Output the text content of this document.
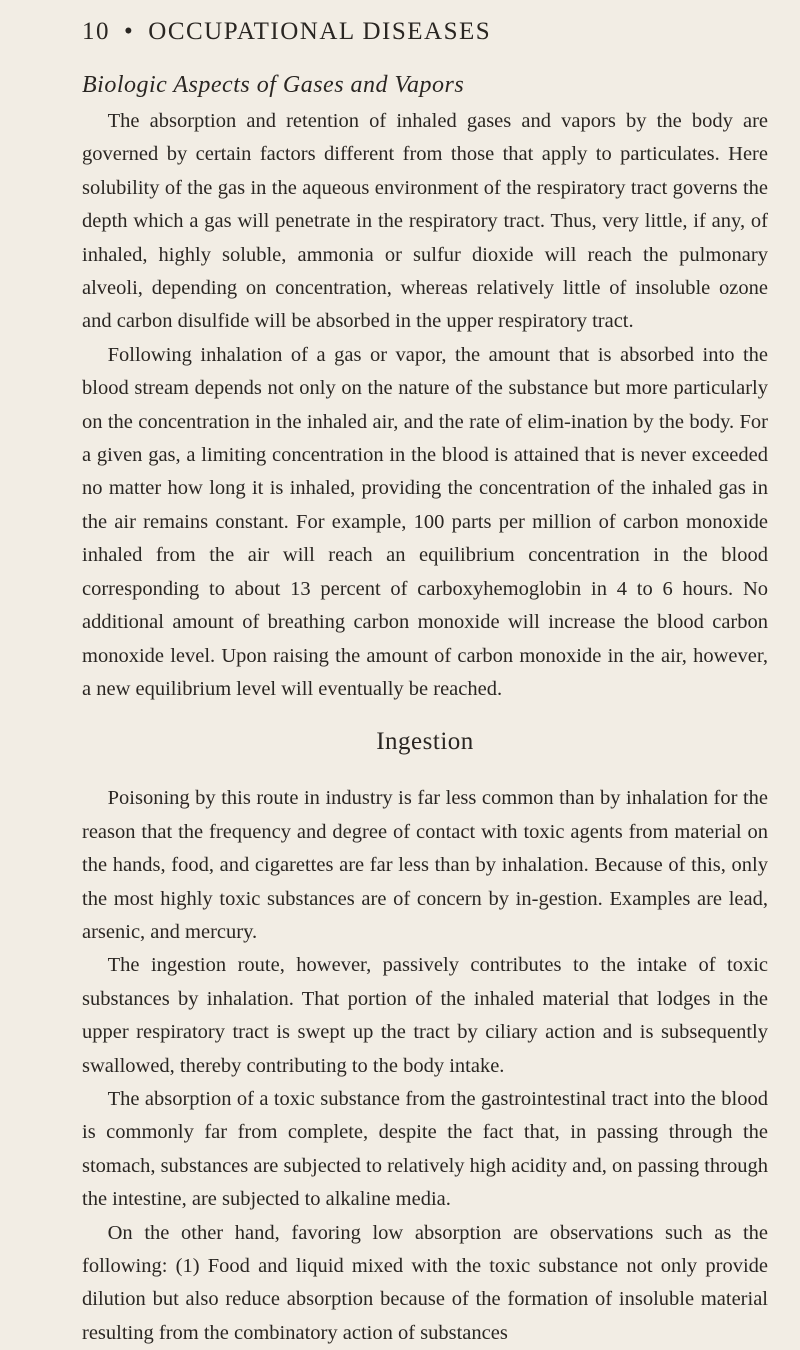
10 • OCCUPATIONAL DISEASES
Biologic Aspects of Gases and Vapors

The absorption and retention of inhaled gases and vapors by the body are governed by certain factors different from those that apply to particulates. Here solubility of the gas in the aqueous environment of the respiratory tract governs the depth which a gas will penetrate in the respiratory tract. Thus, very little, if any, of inhaled, highly soluble, ammonia or sulfur dioxide will reach the pulmonary alveoli, depending on concentration, whereas relatively little of insoluble ozone and carbon disulfide will be absorbed in the upper respiratory tract.

Following inhalation of a gas or vapor, the amount that is absorbed into the blood stream depends not only on the nature of the substance but more particularly on the concentration in the inhaled air, and the rate of elim-ination by the body. For a given gas, a limiting concentration in the blood is attained that is never exceeded no matter how long it is inhaled, providing the concentration of the inhaled gas in the air remains constant. For example, 100 parts per million of carbon monoxide inhaled from the air will reach an equilibrium concentration in the blood corresponding to about 13 percent of carboxyhemoglobin in 4 to 6 hours. No additional amount of breathing carbon monoxide will increase the blood carbon monoxide level. Upon raising the amount of carbon monoxide in the air, however, a new equilibrium level will eventually be reached.

Ingestion

Poisoning by this route in industry is far less common than by inhalation for the reason that the frequency and degree of contact with toxic agents from material on the hands, food, and cigarettes are far less than by inhalation. Because of this, only the most highly toxic substances are of concern by in-gestion. Examples are lead, arsenic, and mercury.

The ingestion route, however, passively contributes to the intake of toxic substances by inhalation. That portion of the inhaled material that lodges in the upper respiratory tract is swept up the tract by ciliary action and is subsequently swallowed, thereby contributing to the body intake.

The absorption of a toxic substance from the gastrointestinal tract into the blood is commonly far from complete, despite the fact that, in passing through the stomach, substances are subjected to relatively high acidity and, on passing through the intestine, are subjected to alkaline media.

On the other hand, favoring low absorption are observations such as the following: (1) Food and liquid mixed with the toxic substance not only provide dilution but also reduce absorption because of the formation of insoluble material resulting from the combinatory action of substances
